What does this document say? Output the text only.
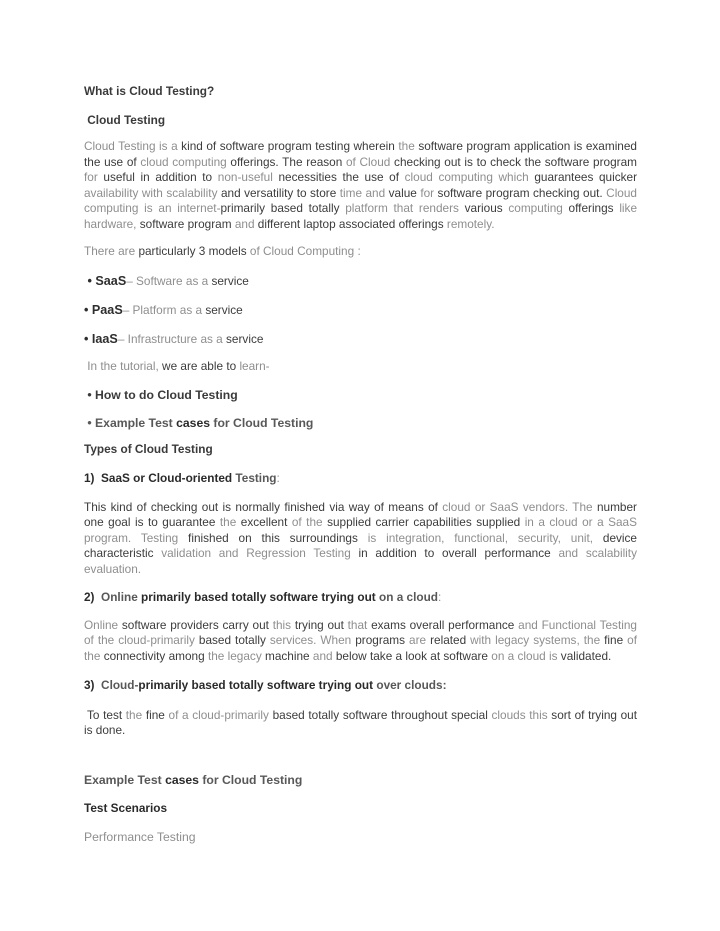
What is Cloud Testing?
Cloud Testing
Cloud Testing is a kind of software program testing wherein the software program application is examined the use of cloud computing offerings. The reason of Cloud checking out is to check the software program for useful in addition to non-useful necessities the use of cloud computing which guarantees quicker availability with scalability and versatility to store time and value for software program checking out. Cloud computing is an internet-primarily based totally platform that renders various computing offerings like hardware, software program and different laptop associated offerings remotely.
There are particularly 3 models of Cloud Computing :
• SaaS– Software as a service
• PaaS– Platform as a service
• IaaS– Infrastructure as a service
In the tutorial, we are able to learn-
• How to do Cloud Testing
• Example Test cases for Cloud Testing
Types of Cloud Testing
1)  SaaS or Cloud-oriented Testing:
This kind of checking out is normally finished via way of means of cloud or SaaS vendors. The number one goal is to guarantee the excellent of the supplied carrier capabilities supplied in a cloud or a SaaS program. Testing finished on this surroundings is integration, functional, security, unit, device characteristic validation and Regression Testing in addition to overall performance and scalability evaluation.
2)  Online primarily based totally software trying out on a cloud:
Online software providers carry out this trying out that exams overall performance and Functional Testing of the cloud-primarily based totally services. When programs are related with legacy systems, the fine of the connectivity among the legacy machine and below take a look at software on a cloud is validated.
3)  Cloud-primarily based totally software trying out over clouds:
To test the fine of a cloud-primarily based totally software throughout special clouds this sort of trying out is done.
Example Test cases for Cloud Testing
Test Scenarios
Performance Testing
